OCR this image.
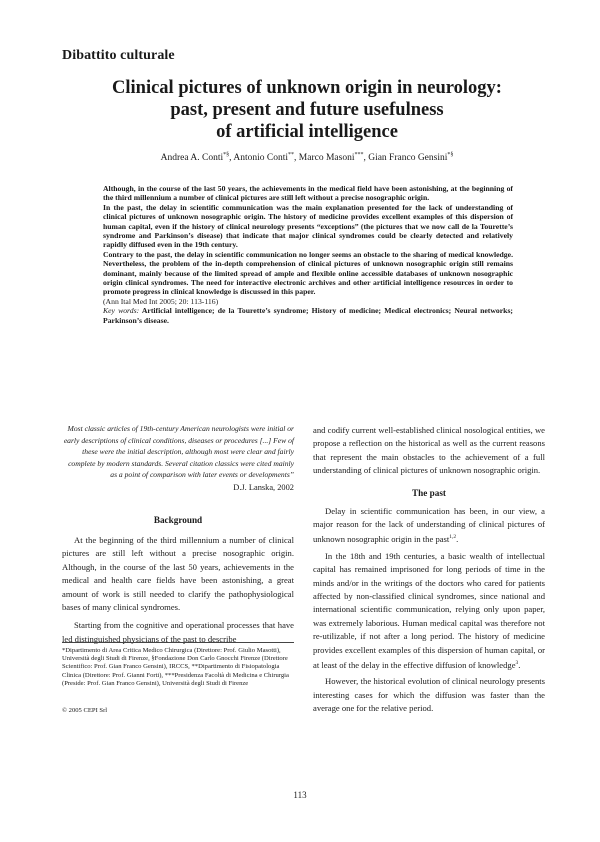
Dibattito culturale
Clinical pictures of unknown origin in neurology:
past, present and future usefulness
of artificial intelligence
Andrea A. Conti*§, Antonio Conti**, Marco Masoni***, Gian Franco Gensini*§

Although, in the course of the last 50 years, the achievements in the medical field have been astonishing, at the beginning of the third millennium a number of clinical pictures are still left without a precise nosographic origin.

In the past, the delay in scientific communication was the main explanation presented for the lack of understanding of clinical pictures of unknown nosographic origin. The history of medicine provides excellent examples of this dispersion of human capital, even if the history of clinical neurology presents “exceptions” (the pictures that we now call de la Tourette’s syndrome and Parkinson’s disease) that indicate that major clinical syndromes could be clearly detected and relatively rapidly diffused even in the 19th century.

Contrary to the past, the delay in scientific communication no longer seems an obstacle to the sharing of medical knowledge. Nevertheless, the problem of the in-depth comprehension of clinical pictures of unknown nosographic origin still remains dominant, mainly because of the limited spread of ample and flexible online accessible databases of unknown nosographic origin clinical syndromes. The need for interactive electronic archives and other artificial intelligence resources in order to promote progress in clinical knowledge is discussed in this paper.

(Ann Ital Med Int 2005; 20: 113-116)

Key words: Artificial intelligence; de la Tourette’s syndrome; History of medicine; Medical electronics; Neural networks; Parkinson’s disease.

Most classic articles of 19th-century American neurologists were initial or early descriptions of clinical conditions, diseases or procedures [...] Few of these were the initial description, although most were clear and fairly complete by modern standards. Several citation classics were cited mainly as a point of comparison with later events or developments”

D.J. Lanska, 2002

Background

At the beginning of the third millennium a number of clinical pictures are still left without a precise nosographic origin. Although, in the course of the last 50 years, achievements in the medical and health care fields have been astonishing, a great amount of work is still needed to clarify the pathophysiological bases of many clinical syndromes.

Starting from the cognitive and operational processes that have led distinguished physicians of the past to describe

and codify current well-established clinical nosological entities, we propose a reflection on the historical as well as the current reasons that represent the main obstacles to the achievement of a full understanding of clinical pictures of unknown nosographic origin.

The past

Delay in scientific communication has been, in our view, a major reason for the lack of understanding of clinical pictures of unknown nosographic origin in the past$^{1,2}$.

In the 18th and 19th centuries, a basic wealth of intellectual capital has remained imprisoned for long periods of time in the minds and/or in the writings of the doctors who cared for patients affected by non-classified clinical syndromes, since national and international scientific communication, relying only upon paper, was extremely laborious. Human medical capital was therefore not re-utilizable, if not after a long period. The history of medicine provides excellent examples of this dispersion of human capital, or at least of the delay in the effective diffusion of knowledge$^3$.

However, the historical evolution of clinical neurology presents interesting cases for which the diffusion was faster than the average one for the relative period.

*Dipartimento di Area Critica Medico Chirurgica (Direttore: Prof. Giulio Masotti), Università degli Studi di Firenze, §Fondazione Don Carlo Gnocchi Firenze (Direttore Scientifico: Prof. Gian Franco Gensini), IRCCS, **Dipartimento di Fisiopatologia Clinica (Direttore: Prof. Gianni Forti), ***Presidenza Facoltà di Medicina e Chirurgia (Preside: Prof. Gian Franco Gensini), Università degli Studi di Firenze

© 2005 CEPI Srl
113
